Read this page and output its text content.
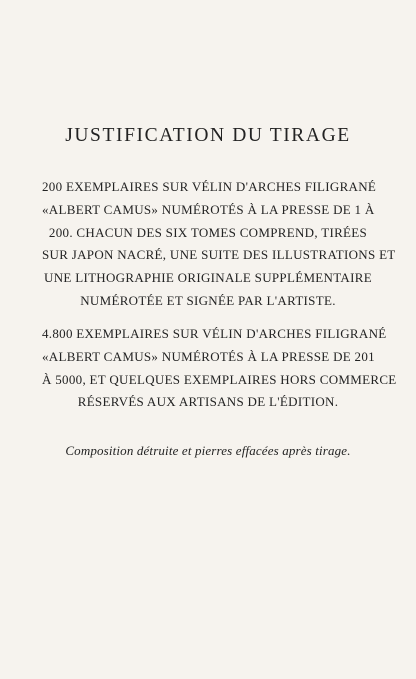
JUSTIFICATION DU TIRAGE
200 EXEMPLAIRES SUR VÉLIN D'ARCHES FILIGRANÉ
«ALBERT CAMUS» NUMÉROTÉS À LA PRESSE DE 1 À
200. CHACUN DES SIX TOMES COMPREND, TIRÉES
SUR JAPON NACRÉ, UNE SUITE DES ILLUSTRATIONS ET
UNE LITHOGRAPHIE ORIGINALE SUPPLÉMENTAIRE
NUMÉROTÉE ET SIGNÉE PAR L'ARTISTE.
4.800 EXEMPLAIRES SUR VÉLIN D'ARCHES FILIGRANÉ
«ALBERT CAMUS» NUMÉROTÉS À LA PRESSE DE 201
À 5000, ET QUELQUES EXEMPLAIRES HORS COMMERCE
RÉSERVÉS AUX ARTISANS DE L'ÉDITION.
Composition détruite et pierres effacées après tirage.
